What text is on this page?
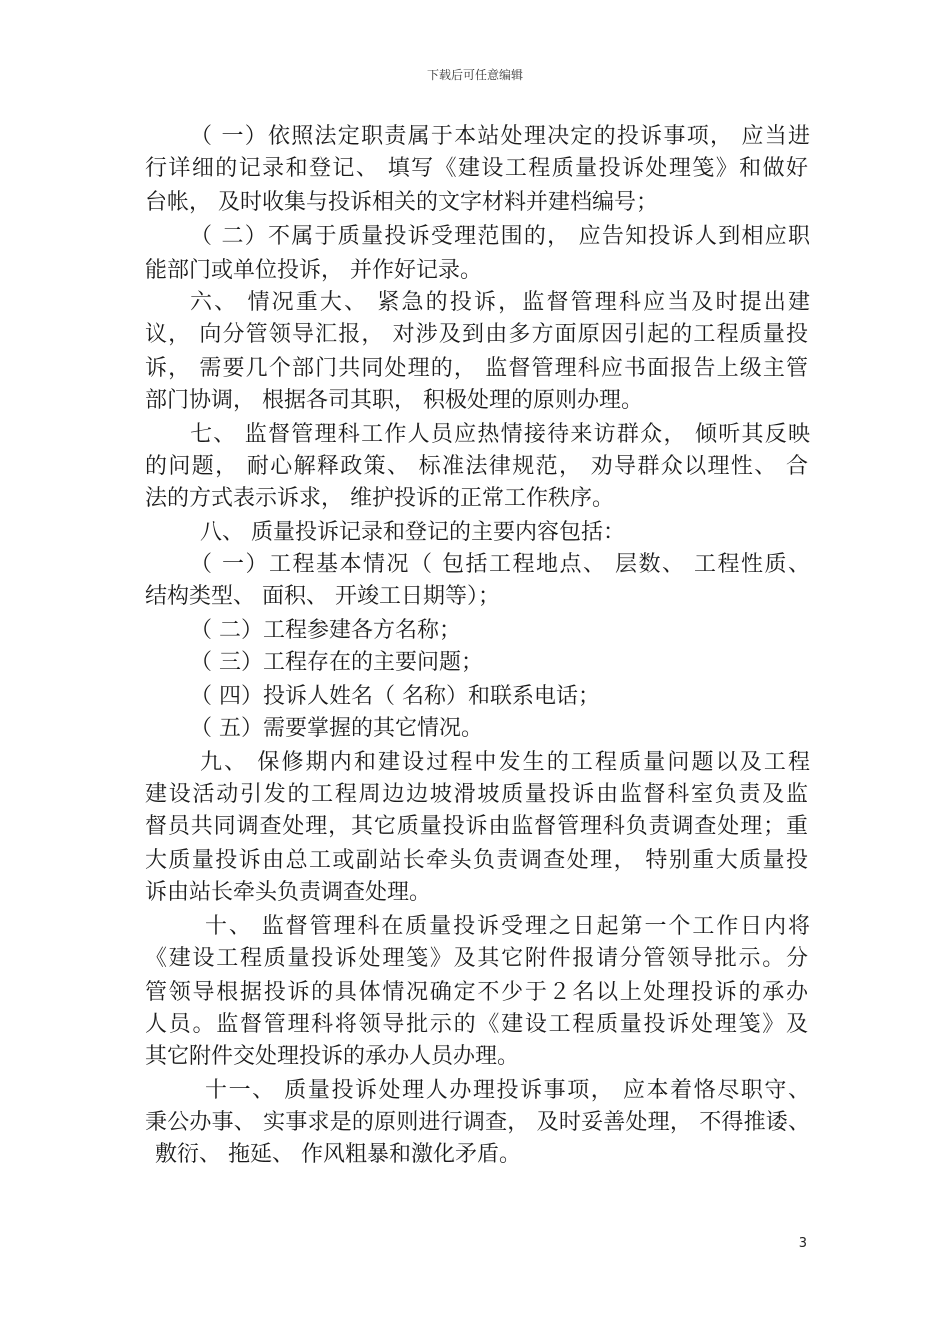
下载后可任意编辑
（ 一）依照法定职责属于本站处理决定的投诉事项， 应当进
行详细的记录和登记、 填写《建设工程质量投诉处理笺》和做好
台帐， 及时收集与投诉相关的文字材料并建档编号；
（ 二）不属于质量投诉受理范围的， 应告知投诉人到相应职
能部门或单位投诉， 并作好记录。
六、 情况重大、 紧急的投诉，监督管理科应当及时提出建
议， 向分管领导汇报， 对涉及到由多方面原因引起的工程质量投
诉， 需要几个部门共同处理的， 监督管理科应书面报告上级主管
部门协调， 根据各司其职， 积极处理的原则办理。
七、 监督管理科工作人员应热情接待来访群众， 倾听其反映
的问题， 耐心解释政策、 标准法律规范， 劝导群众以理性、 合
法的方式表示诉求， 维护投诉的正常工作秩序。
八、 质量投诉记录和登记的主要内容包括：
（ 一）工程基本情况（ 包括工程地点、 层数、 工程性质、
结构类型、 面积、 开竣工日期等）；
（ 二）工程参建各方名称；
（ 三）工程存在的主要问题；
（ 四）投诉人姓名（ 名称）和联系电话；
（ 五）需要掌握的其它情况。
九、 保修期内和建设过程中发生的工程质量问题以及工程
建设活动引发的工程周边边坡滑坡质量投诉由监督科室负责及监
督员共同调查处理，其它质量投诉由监督管理科负责调查处理；重
大质量投诉由总工或副站长牵头负责调查处理， 特别重大质量投
诉由站长牵头负责调查处理。
十、 监督管理科在质量投诉受理之日起第一个工作日内将
《建设工程质量投诉处理笺》及其它附件报请分管领导批示。分
管领导根据投诉的具体情况确定不少于２名以上处理投诉的承办
人员。监督管理科将领导批示的《建设工程质量投诉处理笺》及
其它附件交处理投诉的承办人员办理。
十一、 质量投诉处理人办理投诉事项， 应本着恪尽职守、
秉公办事、 实事求是的原则进行调查， 及时妥善处理， 不得推诿、
敷衍、 拖延、 作风粗暴和激化矛盾。
3
